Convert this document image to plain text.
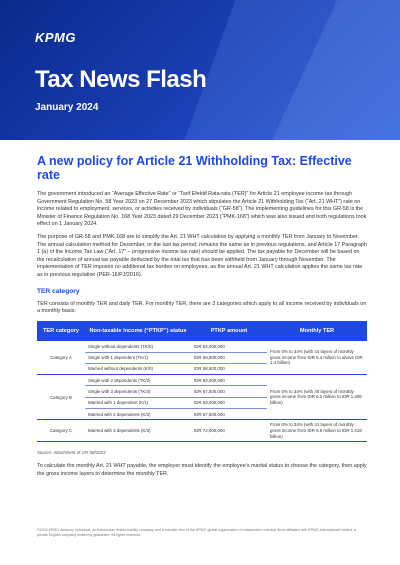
KPMG
Tax News Flash
January 2024
A new policy for Article 21 Withholding Tax: Effective rate

The government introduced an “Average Effective Rate” or “Tarif Efektif Rata-rata (TER)” for Article 21 employee income tax through Government Regulation No. 58 Year 2023 on 27 December 2023 which stipulates the Article 21 Withholding Tax (“Art. 21 WHT”) rate on income related to employment, services, or activities received by individuals (“GR-58”). The implementing guidelines for this GR-58 is the Minister of Finance Regulation No. 168 Year 2023 dated 29 December 2023 (“PMK-168”) which was also issued and both regulations took effect on 1 January 2024.

The purpose of GR-58 and PMK-168 are to simplify the Art. 21 WHT calculation by applying a monthly TER from January to November. The annual calculation method for December, or the last tax period, remains the same as in previous regulations, and Article 17 Paragraph 1 (a) of the Income Tax Law (“Art. 17” – progressive income tax rate) should be applied. The tax payable for December will be based on the recalculation of annual tax payable deducted by the total tax that has been withheld from January through November. The implementation of TER imposes no additional tax burden on employees, as the annual Art. 21 WHT calculation applies the same tax rate as in previous regulation (PER-16/PJ/2016).

TER category

TER consists of monthly TER and daily TER. For monthly TER, there are 3 categories which apply to all income received by individuals on a monthly basis:

TER category	Non-taxable income (“PTKP”) status	PTKP amount	Monthly TER
Category A	Single without dependents (TK/0)	IDR 54,000,000	From 0% to 34% (with 44 layers of monthly gross income from IDR 5.4 million to above IDR 1.4 billion)
	Single with 1 dependent (TK/1)	IDR 58,500,000	
	Married without dependents (K/0)	IDR 58,500,000	
Category B	Single with 2 dependents (TK/2)	IDR 63,000,000	From 0% to 34% (with 40 layers of monthly gross income from IDR 6.2 million to IDR 1.405 billion)
	Single with 3 dependents (TK/3)	IDR 67,500,000	
	Married with 1 dependent (K/1)	IDR 63,000,000	
	Married with 2 dependents (K/2)	IDR 67,500,000	
Category C	Married with 3 dependents (K/3)	IDR 72,000,000	From 0% to 34% (with 41 layers of monthly gross income from IDR 6.6 million to IDR 1.419 billion)
Source: Attachment of GR-58/2023

To calculate the monthly Art. 21 WHT payable, the employer must identify the employee’s marital status to choose the category, then apply the gross income layers to determine the monthly TER.

©2024 KPMG Advisory Indonesia, an Indonesian limited liability company and a member firm of the KPMG global organization of independent member firms affiliated with KPMG International Limited, a private English company limited by guarantee. All rights reserved.
